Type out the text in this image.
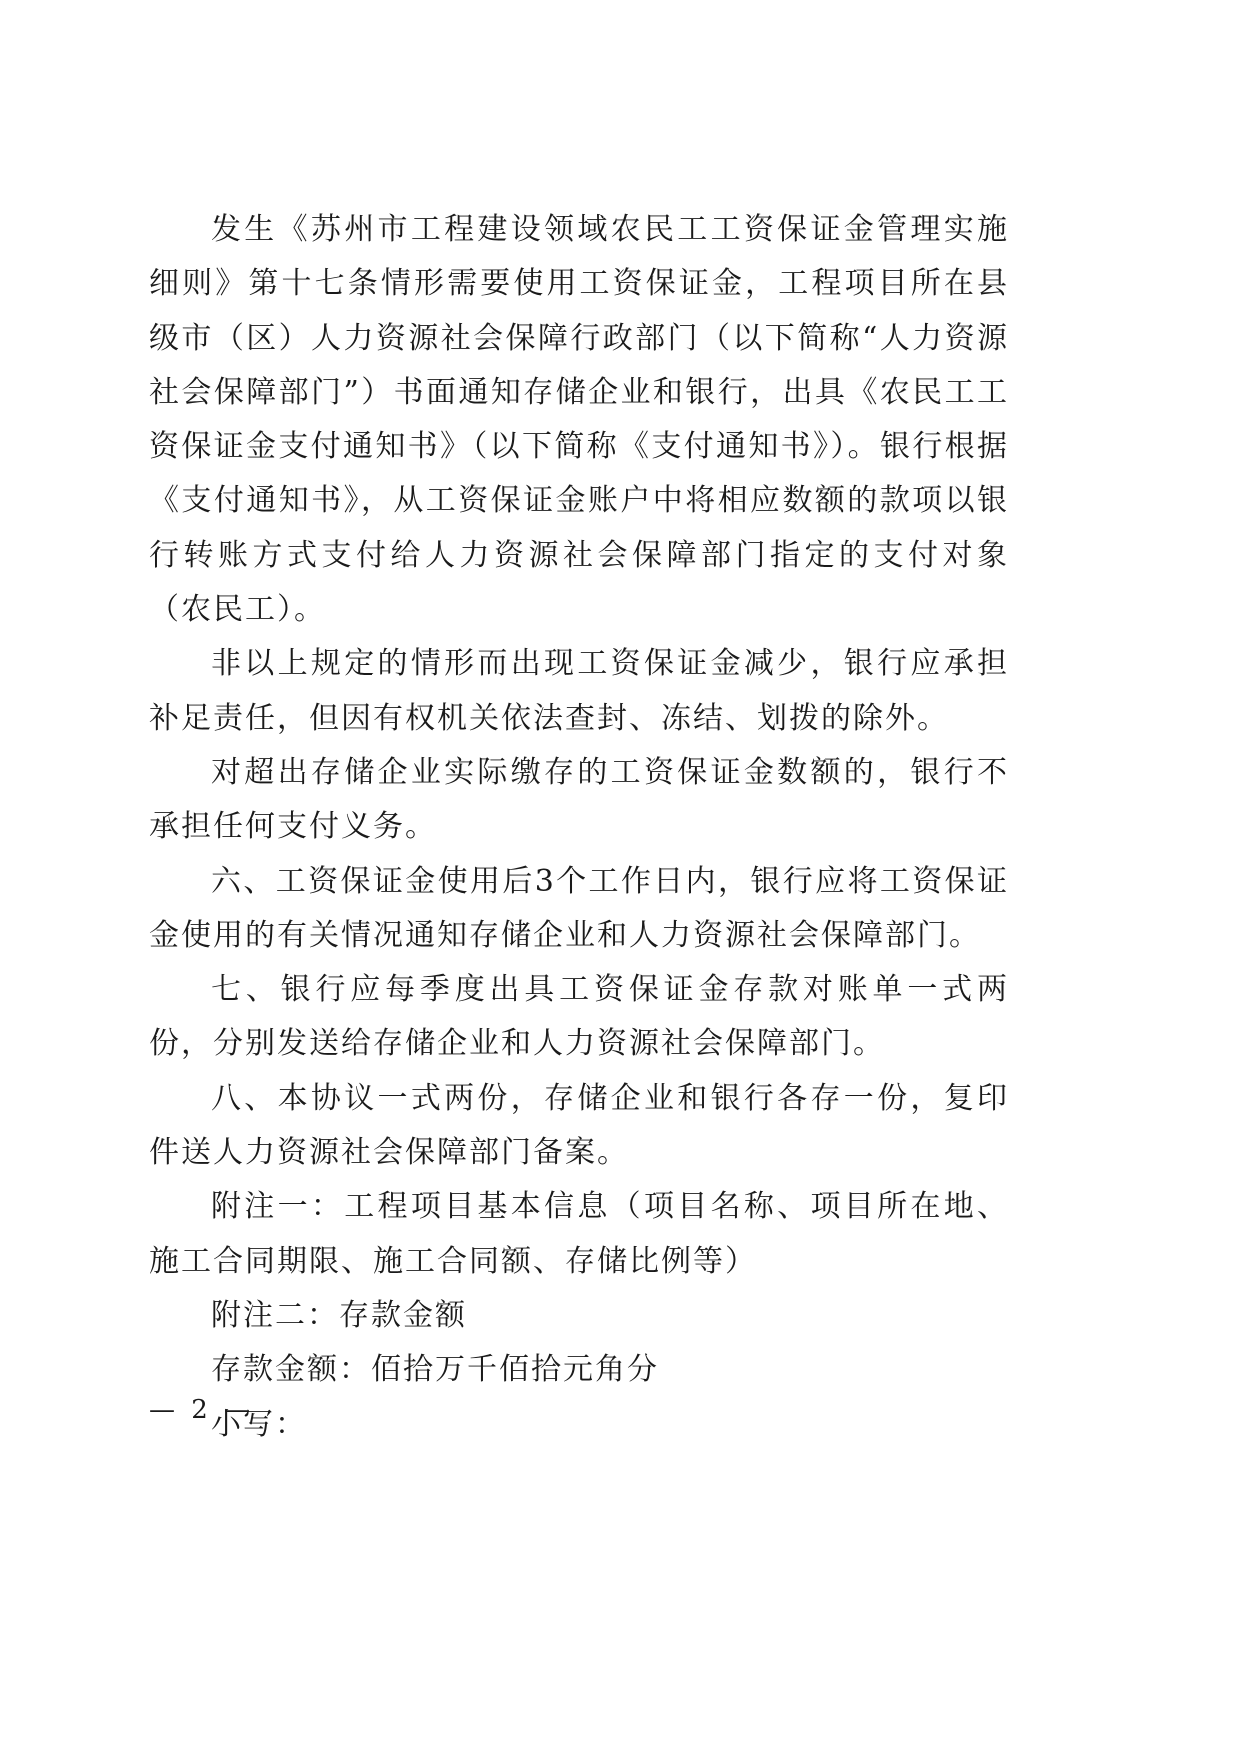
发生《苏州市工程建设领域农民工工资保证金管理实施细则》第十七条情形需要使用工资保证金，工程项目所在县级市（区）人力资源社会保障行政部门（以下简称“人力资源社会保障部门”）书面通知存储企业和银行，出具《农民工工资保证金支付通知书》（以下简称《支付通知书》）。银行根据《支付通知书》，从工资保证金账户中将相应数额的款项以银行转账方式支付给人力资源社会保障部门指定的支付对象（农民工）。

非以上规定的情形而出现工资保证金减少，银行应承担补足责任，但因有权机关依法查封、冻结、划拨的除外。

对超出存储企业实际缴存的工资保证金数额的，银行不承担任何支付义务。

六、工资保证金使用后3个工作日内，银行应将工资保证金使用的有关情况通知存储企业和人力资源社会保障部门。

七、银行应每季度出具工资保证金存款对账单一式两份，分别发送给存储企业和人力资源社会保障部门。

八、本协议一式两份，存储企业和银行各存一份，复印件送人力资源社会保障部门备案。

附注一：工程项目基本信息（项目名称、项目所在地、施工合同期限、施工合同额、存储比例等）

附注二：存款金额

存款金额：佰拾万千佰拾元角分

小写：

— 2 —
